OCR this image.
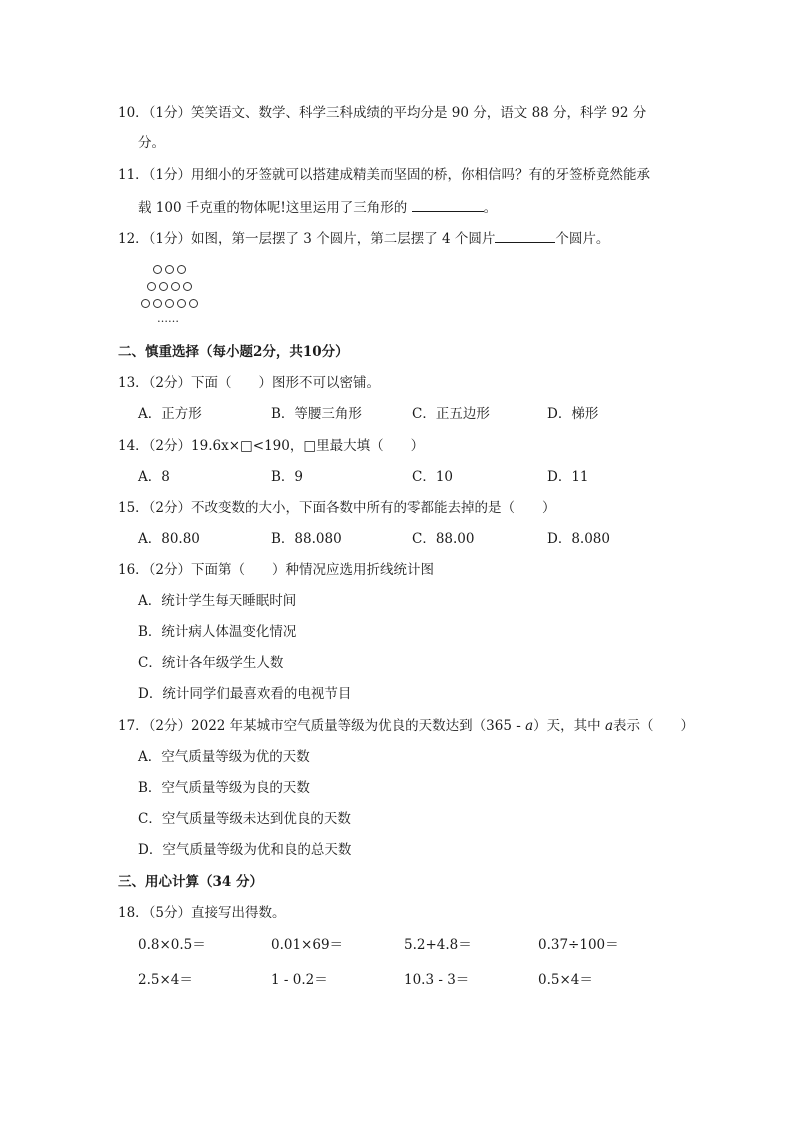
10．（1分）笑笑语文、数学、科学三科成绩的平均分是 90 分，语文 88 分，科学 92 分
分。
11．（1分）用细小的牙签就可以搭建成精美而坚固的桥，你相信吗？有的牙签桥竟然能承
载 100 千克重的物体呢!这里运用了三角形的	。
12．（1分）如图，第一层摆了 3 个圆片，第二层摆了 4 个圆片	个圆片。
……
二、慎重选择（每小题2分，共10分）
13．（2分）下面（　　）图形不可以密铺。
A．正方形	B．等腰三角形	C．正五边形	D．梯形
14．（2分）19.6x×□<190，□里最大填（　　）
A．8	B．9	C．10	D．11
15．（2分）不改变数的大小，下面各数中所有的零都能去掉的是（　　）
A．80.80	B．88.080	C．88.00	D．8.080
16．（2分）下面第（　　）种情况应选用折线统计图
A．统计学生每天睡眠时间
B．统计病人体温变化情况
C．统计各年级学生人数
D．统计同学们最喜欢看的电视节目
17．（2分）2022 年某城市空气质量等级为优良的天数达到（365 - a）天，其中 a表示（　　）
A．空气质量等级为优的天数
B．空气质量等级为良的天数
C．空气质量等级未达到优良的天数
D．空气质量等级为优和良的总天数
三、用心计算（34 分）
18．（5分）直接写出得数。
0.8×0.5＝	0.01×69＝	5.2+4.8＝	0.37÷100＝
2.5×4＝	1 - 0.2＝	10.3 - 3＝	0.5×4＝
